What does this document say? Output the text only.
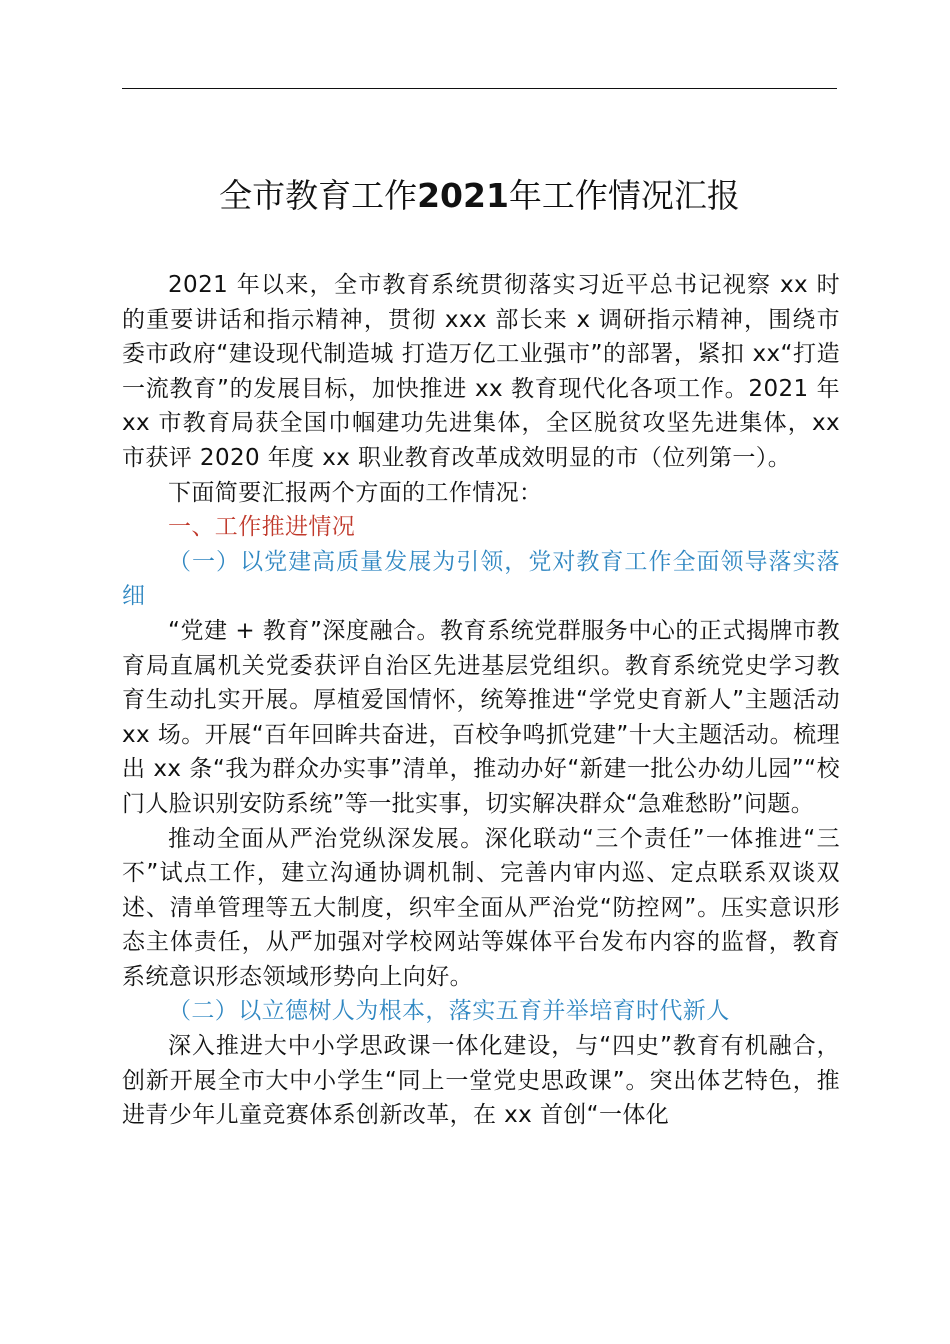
全市教育工作2021年工作情况汇报

2021 年以来，全市教育系统贯彻落实习近平总书记视察 xx 时的重要讲话和指示精神，贯彻 xxx 部长来 x 调研指示精神，围绕市委市政府“建设现代制造城 打造万亿工业强市”的部署，紧扣 xx“打造一流教育”的发展目标，加快推进 xx 教育现代化各项工作。2021 年 xx 市教育局获全国巾帼建功先进集体，全区脱贫攻坚先进集体，xx 市获评 2020 年度 xx 职业教育改革成效明显的市（位列第一）。

下面简要汇报两个方面的工作情况：

一、工作推进情况

（一）以党建高质量发展为引领，党对教育工作全面领导落实落细

“党建 + 教育”深度融合。教育系统党群服务中心的正式揭牌市教育局直属机关党委获评自治区先进基层党组织。教育系统党史学习教育生动扎实开展。厚植爱国情怀，统筹推进“学党史育新人”主题活动 xx 场。开展“百年回眸共奋进，百校争鸣抓党建”十大主题活动。梳理出 xx 条“我为群众办实事”清单，推动办好“新建一批公办幼儿园”“校门人脸识别安防系统”等一批实事，切实解决群众“急难愁盼”问题。

推动全面从严治党纵深发展。深化联动“三个责任”一体推进“三不”试点工作，建立沟通协调机制、完善内审内巡、定点联系双谈双述、清单管理等五大制度，织牢全面从严治党“防控网”。压实意识形态主体责任，从严加强对学校网站等媒体平台发布内容的监督，教育系统意识形态领域形势向上向好。

（二）以立德树人为根本，落实五育并举培育时代新人

深入推进大中小学思政课一体化建设，与“四史”教育有机融合，创新开展全市大中小学生“同上一堂党史思政课”。突出体艺特色，推进青少年儿童竞赛体系创新改革，在 xx 首创“一体化
